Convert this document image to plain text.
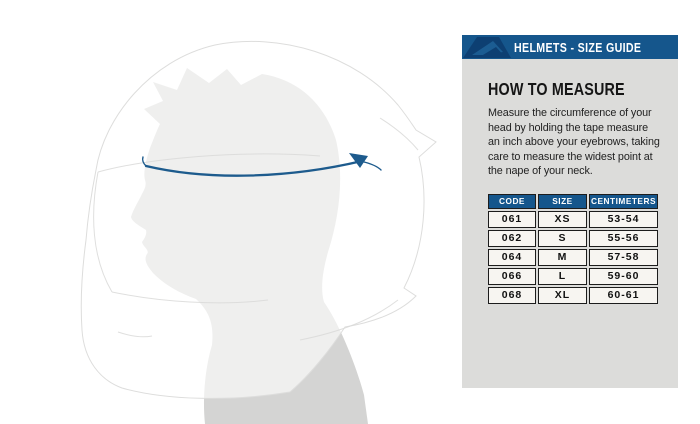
HELMETS - SIZE GUIDE
HOW TO MEASURE

Measure the circumference of your head by holding the tape measure an inch above your eyebrows, taking care to measure the widest point at the nape of your neck.

CODE	SIZE	CENTIMETERS
061	XS	53-54
062	S	55-56
064	M	57-58
066	L	59-60
068	XL	60-61
